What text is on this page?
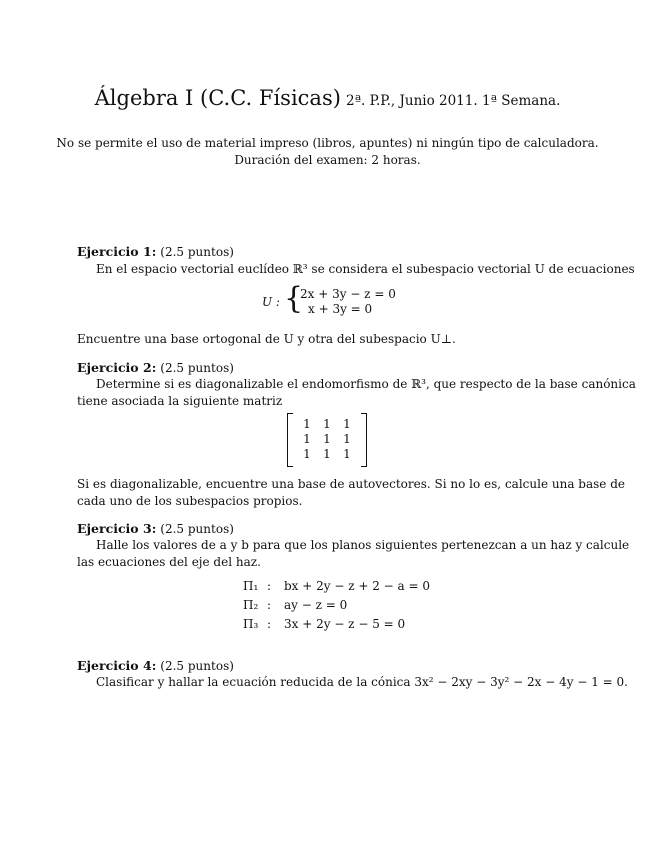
Álgebra I (C.C. Físicas) 2ª. P.P., Junio 2011. 1ª Semana.
No se permite el uso de material impreso (libros, apuntes) ni ningún tipo de calculadora.
Duración del examen: 2 horas.
Ejercicio 1: (2.5 puntos)
En el espacio vectorial euclídeo ℝ³ se considera el subespacio vectorial U de ecuaciones
U : {
2x + 3y − z = 0
x + 3y = 0
Encuentre una base ortogonal de U y otra del subespacio U⊥.
Ejercicio 2: (2.5 puntos)
Determine si es diagonalizable el endomorfismo de ℝ³, que respecto de la base canónica
tiene asociada la siguiente matriz
1	1	1
1	1	1
1	1	1
Si es diagonalizable, encuentre una base de autovectores. Si no lo es, calcule una base de
cada uno de los subespacios propios.
Ejercicio 3: (2.5 puntos)
Halle los valores de a y b para que los planos siguientes pertenezcan a un haz y calcule
las ecuaciones del eje del haz.
Π₁ : bx + 2y − z + 2 − a = 0
Π₂ : ay − z = 0
Π₃ : 3x + 2y − z − 5 = 0
Ejercicio 4: (2.5 puntos)
Clasificar y hallar la ecuación reducida de la cónica 3x² − 2xy − 3y² − 2x − 4y − 1 = 0.
